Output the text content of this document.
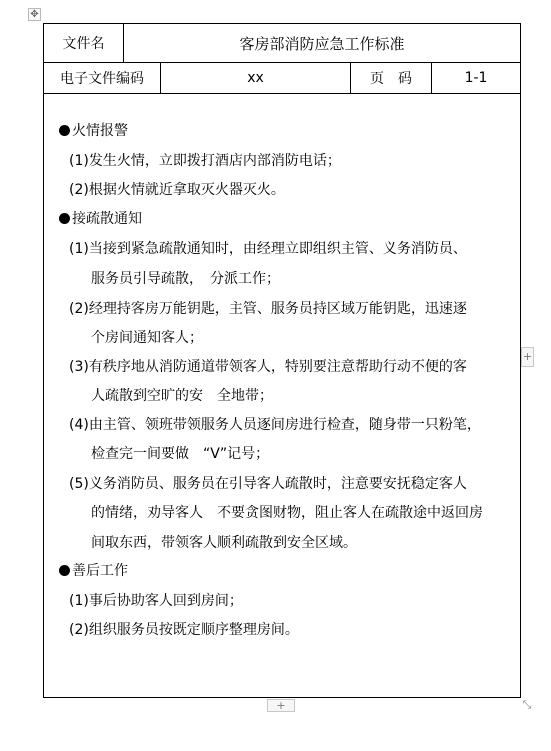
✥
文件名	客房部消防应急工作标准
电子文件编码	xx	页　码	1-1
火情报警
(1)发生火情，立即拨打酒店内部消防电话；
(2)根据火情就近拿取灭火器灭火。
接疏散通知
(1)当接到紧急疏散通知时，由经理立即组织主管、义务消防员、
服务员引导疏散，　分派工作；
(2)经理持客房万能钥匙，主管、服务员持区域万能钥匙，迅速逐
个房间通知客人；
(3)有秩序地从消防通道带领客人，特别要注意帮助行动不便的客
人疏散到空旷的安　全地带；
(4)由主管、领班带领服务人员逐间房进行检查，随身带一只粉笔，
检查完一间要做　“V”记号；
(5)义务消防员、服务员在引导客人疏散时，注意要安抚稳定客人
的情绪，劝导客人　不要贪图财物，阻止客人在疏散途中返回房
间取东西，带领客人顺利疏散到安全区域。
善后工作
(1)事后协助客人回到房间；
(2)组织服务员按既定顺序整理房间。
+
+	⤡
